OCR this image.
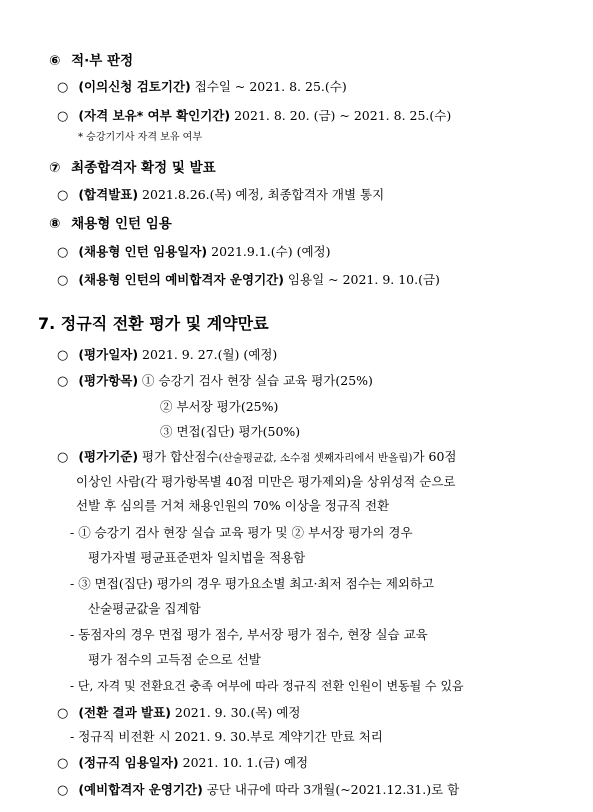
⑥ 적·부 판정
○ (이의신청 검토기간) 접수일 ~ 2021. 8. 25.(수)
○ (자격 보유* 여부 확인기간) 2021. 8. 20. (금) ~ 2021. 8. 25.(수)
* 승강기기사 자격 보유 여부
⑦ 최종합격자 확정 및 발표
○ (합격발표) 2021.8.26.(목) 예정, 최종합격자 개별 통지
⑧ 채용형 인턴 임용
○ (채용형 인턴 임용일자) 2021.9.1.(수) (예정)
○ (채용형 인턴의 예비합격자 운영기간) 임용일 ~ 2021. 9. 10.(금)
7. 정규직 전환 평가 및 계약만료
○ (평가일자) 2021. 9. 27.(월) (예정)
○ (평가항목) ① 승강기 검사 현장 실습 교육 평가(25%)
② 부서장 평가(25%)
③ 면접(집단) 평가(50%)
○ (평가기준) 평가 합산점수(산술평균값, 소수점 셋째자리에서 반올림)가 60점
이상인 사람(각 평가항목별 40점 미만은 평가제외)을 상위성적 순으로
선발 후 심의를 거쳐 채용인원의 70% 이상을 정규직 전환
- ① 승강기 검사 현장 실습 교육 평가 및 ② 부서장 평가의 경우
평가자별 평균표준편차 일치법을 적용함
- ③ 면접(집단) 평가의 경우 평가요소별 최고·최저 점수는 제외하고
산술평균값을 집계함
- 동점자의 경우 면접 평가 점수, 부서장 평가 점수, 현장 실습 교육
평가 점수의 고득점 순으로 선발
- 단, 자격 및 전환요건 충족 여부에 따라 정규직 전환 인원이 변동될 수 있음
○ (전환 결과 발표) 2021. 9. 30.(목) 예정
- 정규직 비전환 시 2021. 9. 30.부로 계약기간 만료 처리
○ (정규직 임용일자) 2021. 10. 1.(금) 예정
○ (예비합격자 운영기간) 공단 내규에 따라 3개월(~2021.12.31.)로 함
